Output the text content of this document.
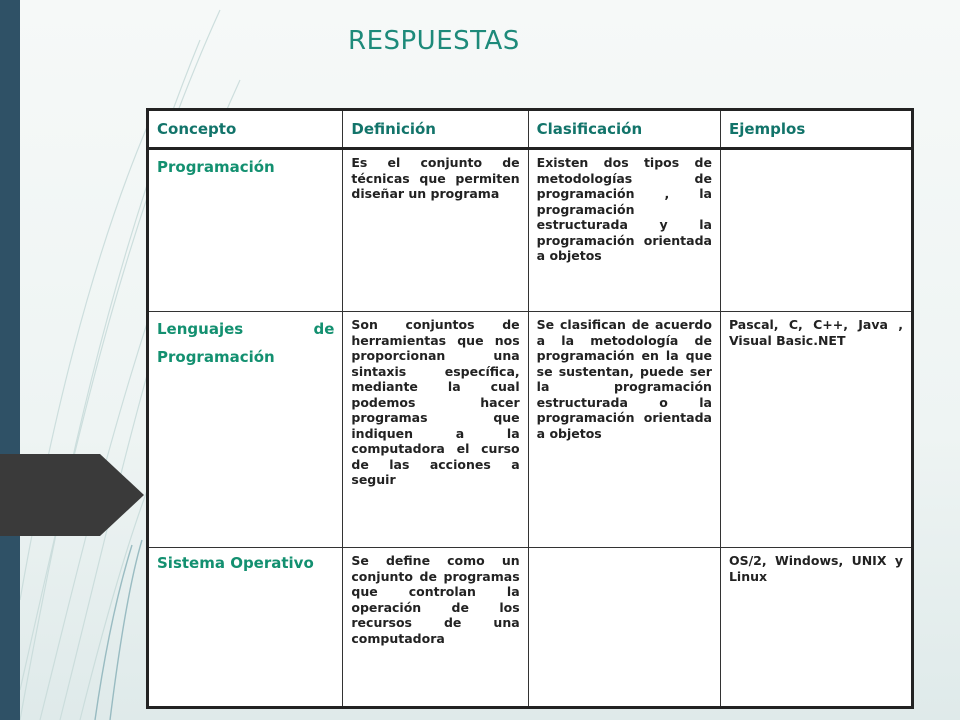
RESPUESTAS
Concepto	Definición	Clasificación	Ejemplos
Programación	Es el conjunto de técnicas que permiten diseñar un programa	Existen dos tipos de metodologías de programación , la programación estructurada y la programación orientada a objetos	

Lenguajes de
Programación	Son conjuntos de herramientas que nos proporcionan una sintaxis específica, mediante la cual podemos hacer programas que indiquen a la computadora el curso de las acciones a seguir	Se clasifican de acuerdo a la metodología de programación en la que se sustentan, puede ser la programación estructurada o la programación orientada a objetos	Pascal, C, C++, Java , Visual Basic.NET
Sistema Operativo	Se define como un conjunto de programas que controlan la operación de los recursos de una computadora		OS/2, Windows, UNIX y Linux
